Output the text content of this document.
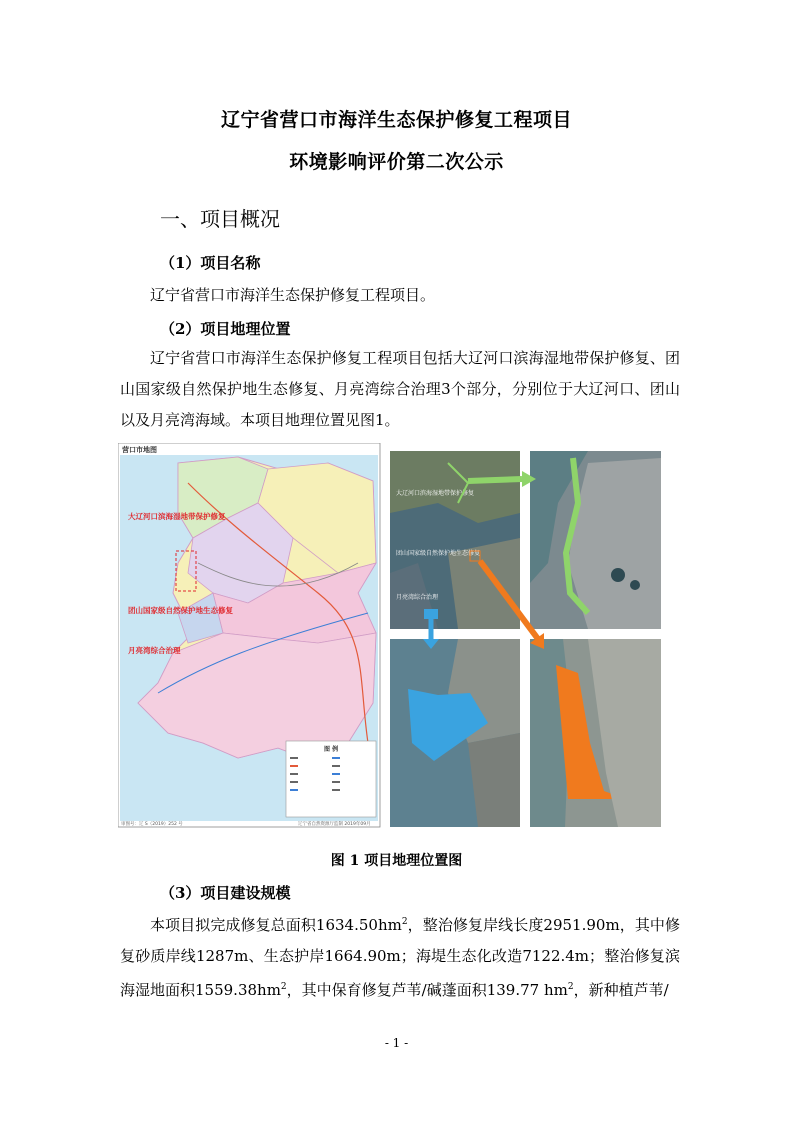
辽宁省营口市海洋生态保护修复工程项目
环境影响评价第二次公示
一、项目概况
（1）项目名称
辽宁省营口市海洋生态保护修复工程项目。
（2）项目地理位置
辽宁省营口市海洋生态保护修复工程项目包括大辽河口滨海湿地带保护修复、团山国家级自然保护地生态修复、月亮湾综合治理3个部分，分别位于大辽河口、团山以及月亮湾海域。本项目地理位置见图1。
营口市地图
大辽河口滨海湿地带保护修复
团山国家级自然保护地生态修复
月亮湾综合治理
图 例
审图号：辽 S（2019）252 号	辽宁省自然资源厅监制 2019年09月
大辽河口滨海湿地带保护修复
团山国家级自然保护地生态修复
月亮湾综合治理
图 1 项目地理位置图
（3）项目建设规模
本项目拟完成修复总面积$1634.50hm^2$，整治修复岸线长度2951.90m，其中修复砂质岸线1287m、生态护岸1664.90m；海堤生态化改造7122.4m；整治修复滨海湿地面积$1559.38hm^2$，其中保育修复芦苇/碱蓬面积139.77 $hm^2$，新种植芦苇/
- 1 -
